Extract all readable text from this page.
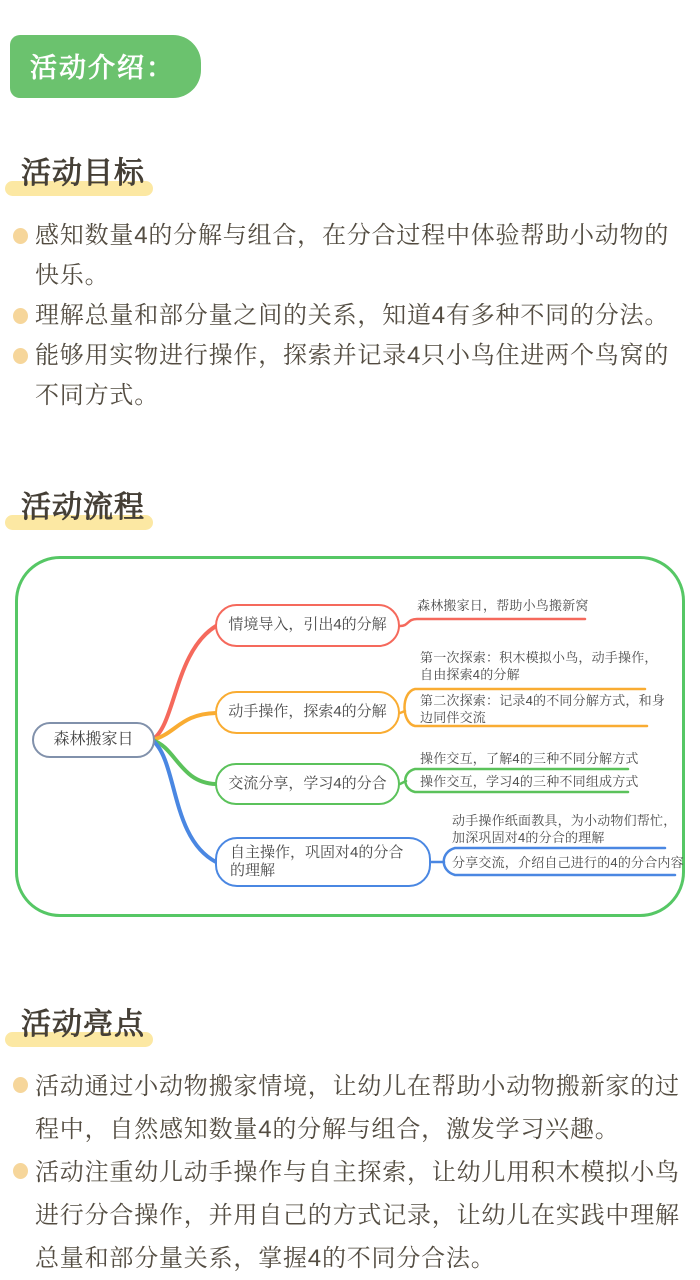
活动介绍：
活动目标
感知数量4的分解与组合，在分合过程中体验帮助小动物的快乐。
理解总量和部分量之间的关系，知道4有多种不同的分法。
能够用实物进行操作，探索并记录4只小鸟住进两个鸟窝的不同方式。
活动流程
森林搬家日
情境导入，引出4的分解
动手操作，探索4的分解
交流分享，学习4的分合
自主操作，巩固对4的分合的理解
森林搬家日，帮助小鸟搬新窝
第一次探索：积木模拟小鸟，动手操作，自由探索4的分解
第二次探索：记录4的不同分解方式，和身边同伴交流
操作交互，了解4的三种不同分解方式
操作交互，学习4的三种不同组成方式
动手操作纸面教具，为小动物们帮忙，加深巩固对4的分合的理解
分享交流，介绍自己进行的4的分合内容
活动亮点
活动通过小动物搬家情境，让幼儿在帮助小动物搬新家的过程中，自然感知数量4的分解与组合，激发学习兴趣。
活动注重幼儿动手操作与自主探索，让幼儿用积木模拟小鸟进行分合操作，并用自己的方式记录，让幼儿在实践中理解总量和部分量关系，掌握4的不同分合法。
